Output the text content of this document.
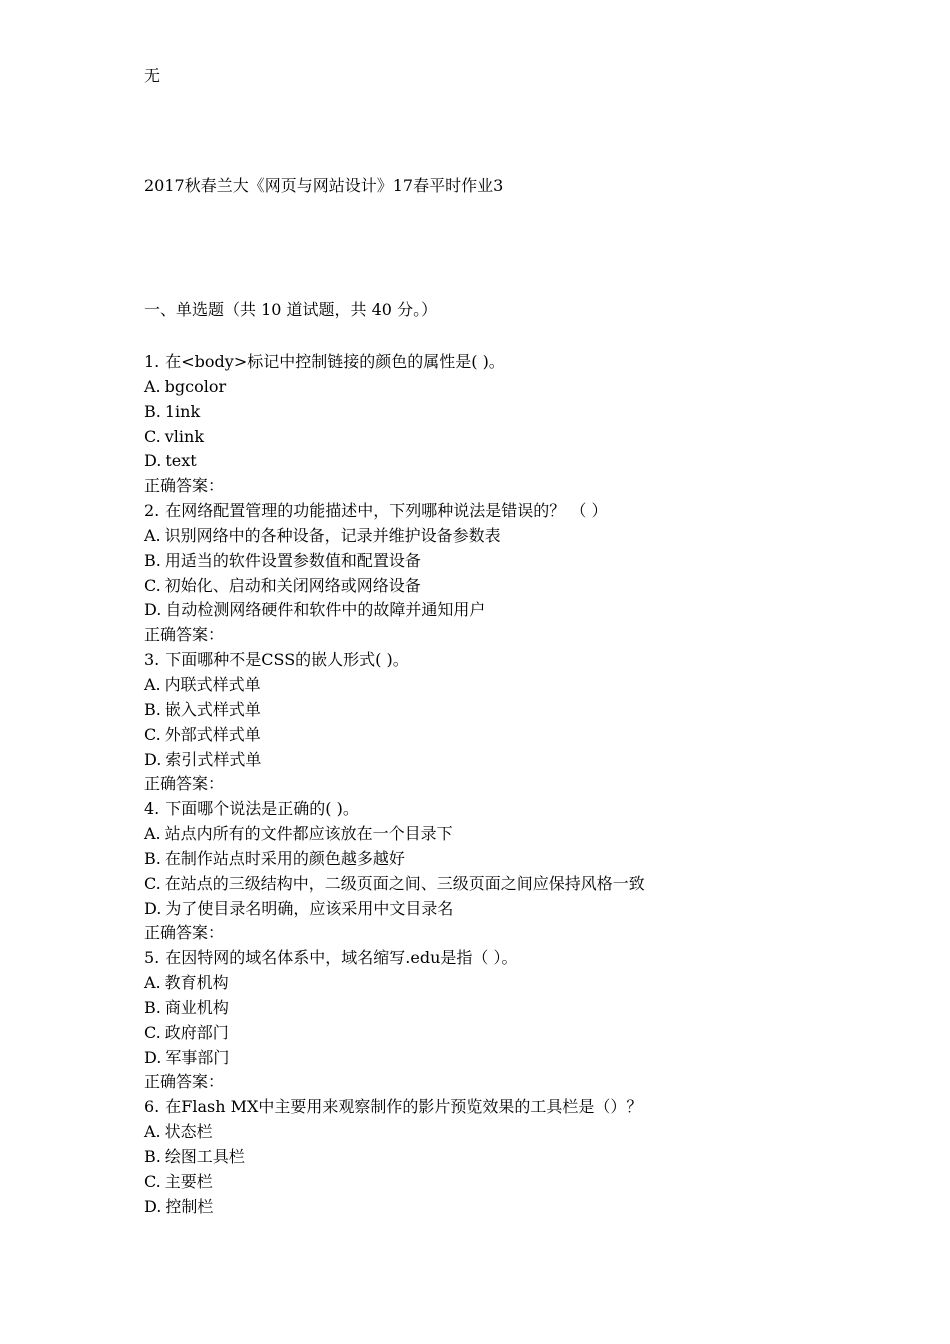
无
2017秋春兰大《网页与网站设计》17春平时作业3
一、单选题（共 10 道试题，共 40 分。）
1. 在<body>标记中控制链接的颜色的属性是( )。
A. bgcolor
B. 1ink
C. vlink
D. text
正确答案：
2. 在网络配置管理的功能描述中，下列哪种说法是错误的？ （ ）
A. 识别网络中的各种设备，记录并维护设备参数表
B. 用适当的软件设置参数值和配置设备
C. 初始化、启动和关闭网络或网络设备
D. 自动检测网络硬件和软件中的故障并通知用户
正确答案：
3. 下面哪种不是CSS的嵌人形式( )。
A. 内联式样式单
B. 嵌入式样式单
C. 外部式样式单
D. 索引式样式单
正确答案：
4. 下面哪个说法是正确的( )。
A. 站点内所有的文件都应该放在一个目录下
B. 在制作站点时采用的颜色越多越好
C. 在站点的三级结构中，二级页面之间、三级页面之间应保持风格一致
D. 为了使目录名明确，应该采用中文目录名
正确答案：
5. 在因特网的域名体系中，域名缩写.edu是指（ ）。
A. 教育机构
B. 商业机构
C. 政府部门
D. 军事部门
正确答案：
6. 在Flash MX中主要用来观察制作的影片预览效果的工具栏是（）？
A. 状态栏
B. 绘图工具栏
C. 主要栏
D. 控制栏
